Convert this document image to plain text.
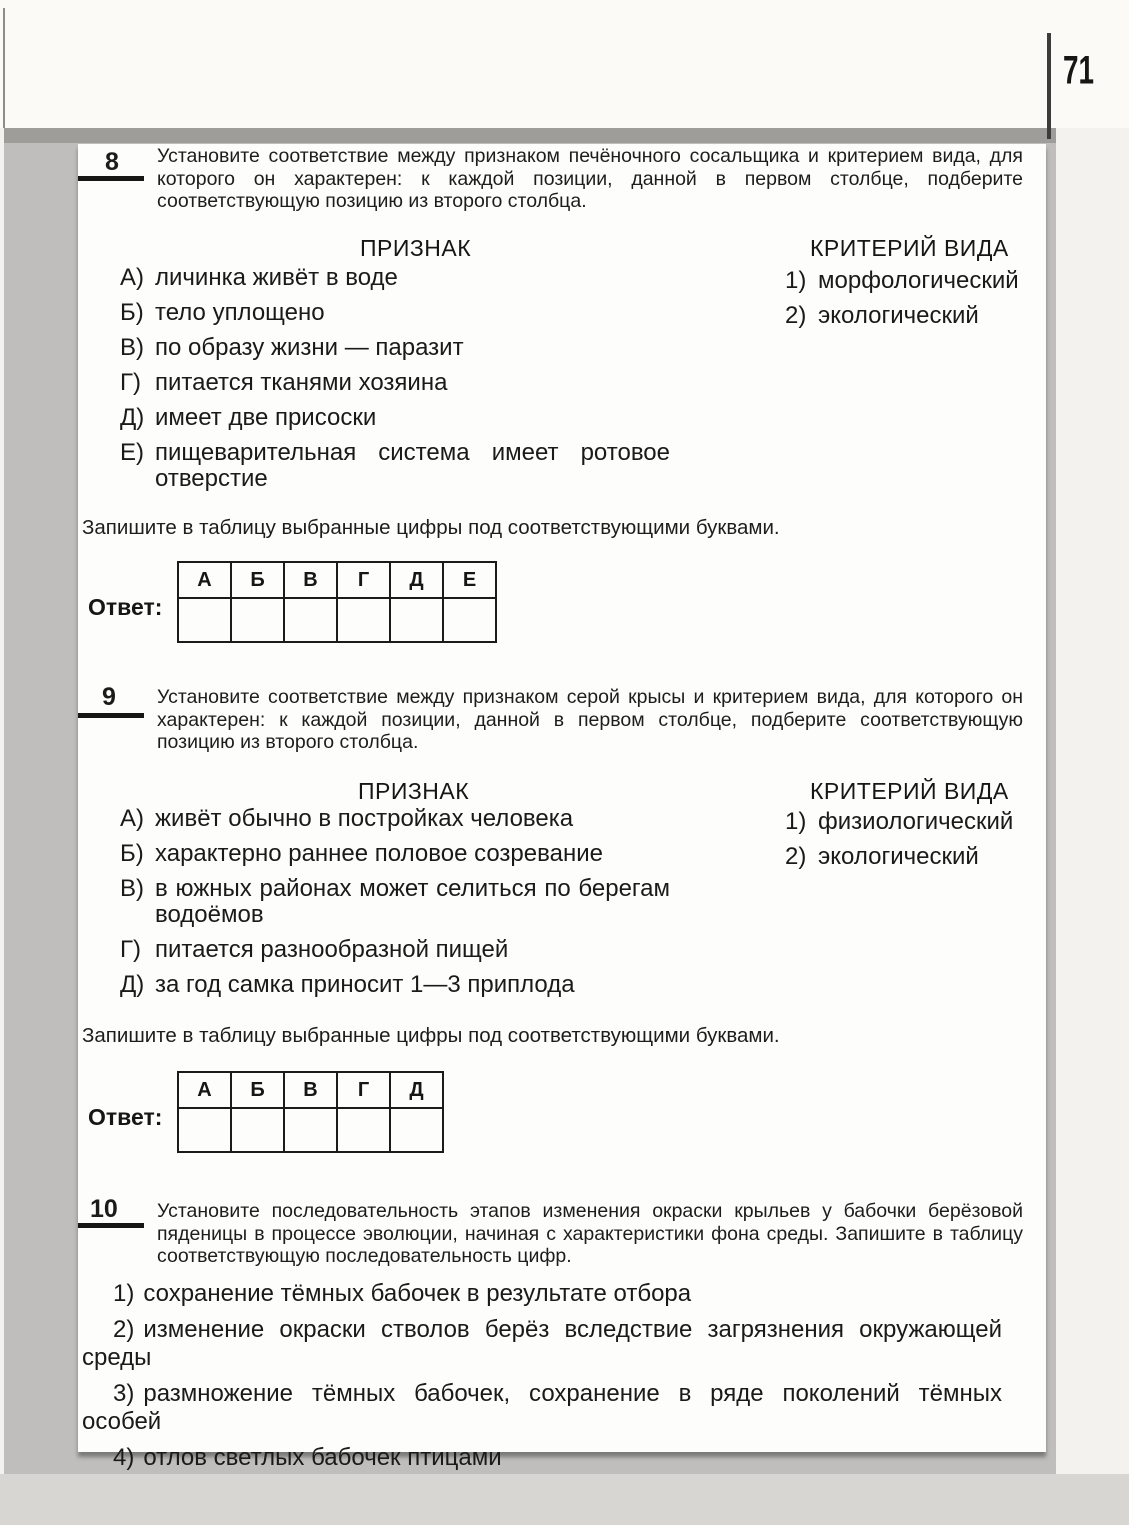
71
8 Установите соответствие между признаком печёночного сосальщика и критерием вида, для которого он характерен: к каждой позиции, данной в первом столбце, подберите соответствующую позицию из второго столбца.
ПРИЗНАК	КРИТЕРИЙ ВИДА
А) личинка живёт в воде
Б) тело уплощено
В) по образу жизни — паразит
Г) питается тканями хозяина
Д) имеет две присоски
Е) пищеварительная система имеет ротовое отверстие
1) морфологический
2) экологический
Запишите в таблицу выбранные цифры под соответствующими буквами.
Ответ:
А	Б	В	Г	Д	Е

9 Установите соответствие между признаком серой крысы и критерием вида, для которого он характерен: к каждой позиции, данной в первом столбце, подберите соответствующую позицию из второго столбца.
ПРИЗНАК	КРИТЕРИЙ ВИДА
А) живёт обычно в постройках человека
Б) характерно раннее половое созревание
В) в южных районах может селиться по берегам водоёмов
Г) питается разнообразной пищей
Д) за год самка приносит 1—3 приплода
1) физиологический
2) экологический
Запишите в таблицу выбранные цифры под соответствующими буквами.
Ответ:
А	Б	В	Г	Д

10 Установите последовательность этапов изменения окраски крыльев у бабочки берёзовой пяденицы в процессе эволюции, начиная с характеристики фона среды. Запишите в таблицу соответствующую последовательность цифр.
1) сохранение тёмных бабочек в результате отбора
2) изменение окраски стволов берёз вследствие загрязнения окружающей среды
3) размножение тёмных бабочек, сохранение в ряде поколений тёмных особей
4) отлов светлых бабочек птицами
